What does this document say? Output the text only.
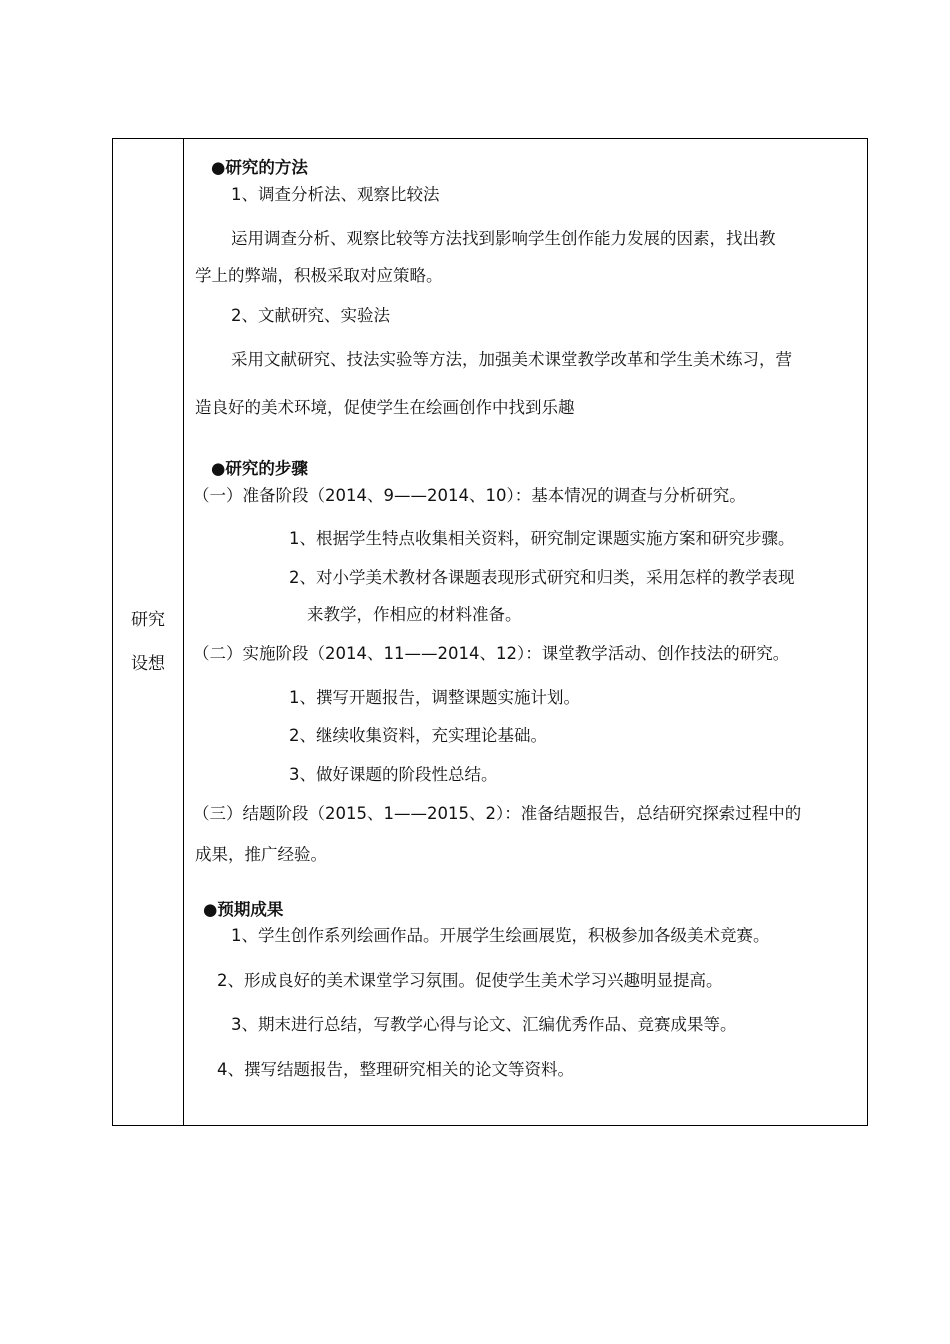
研究
设想
●研究的方法
1、调查分析法、观察比较法
运用调查分析、观察比较等方法找到影响学生创作能力发展的因素，找出教
学上的弊端，积极采取对应策略。
2、文献研究、实验法
采用文献研究、技法实验等方法，加强美术课堂教学改革和学生美术练习，营
造良好的美术环境，促使学生在绘画创作中找到乐趣
●研究的步骤
（一）准备阶段（2014、9——2014、10）：基本情况的调查与分析研究。
1、根据学生特点收集相关资料，研究制定课题实施方案和研究步骤。
2、对小学美术教材各课题表现形式研究和归类，采用怎样的教学表现
来教学，作相应的材料准备。
（二）实施阶段（2014、11——2014、12）：课堂教学活动、创作技法的研究。
1、撰写开题报告，调整课题实施计划。
2、继续收集资料，充实理论基础。
3、做好课题的阶段性总结。
（三）结题阶段（2015、1——2015、2）：准备结题报告，总结研究探索过程中的
成果，推广经验。
●预期成果
1、学生创作系列绘画作品。开展学生绘画展览，积极参加各级美术竞赛。
2、形成良好的美术课堂学习氛围。促使学生美术学习兴趣明显提高。
3、期末进行总结，写教学心得与论文、汇编优秀作品、竞赛成果等。
4、撰写结题报告，整理研究相关的论文等资料。
